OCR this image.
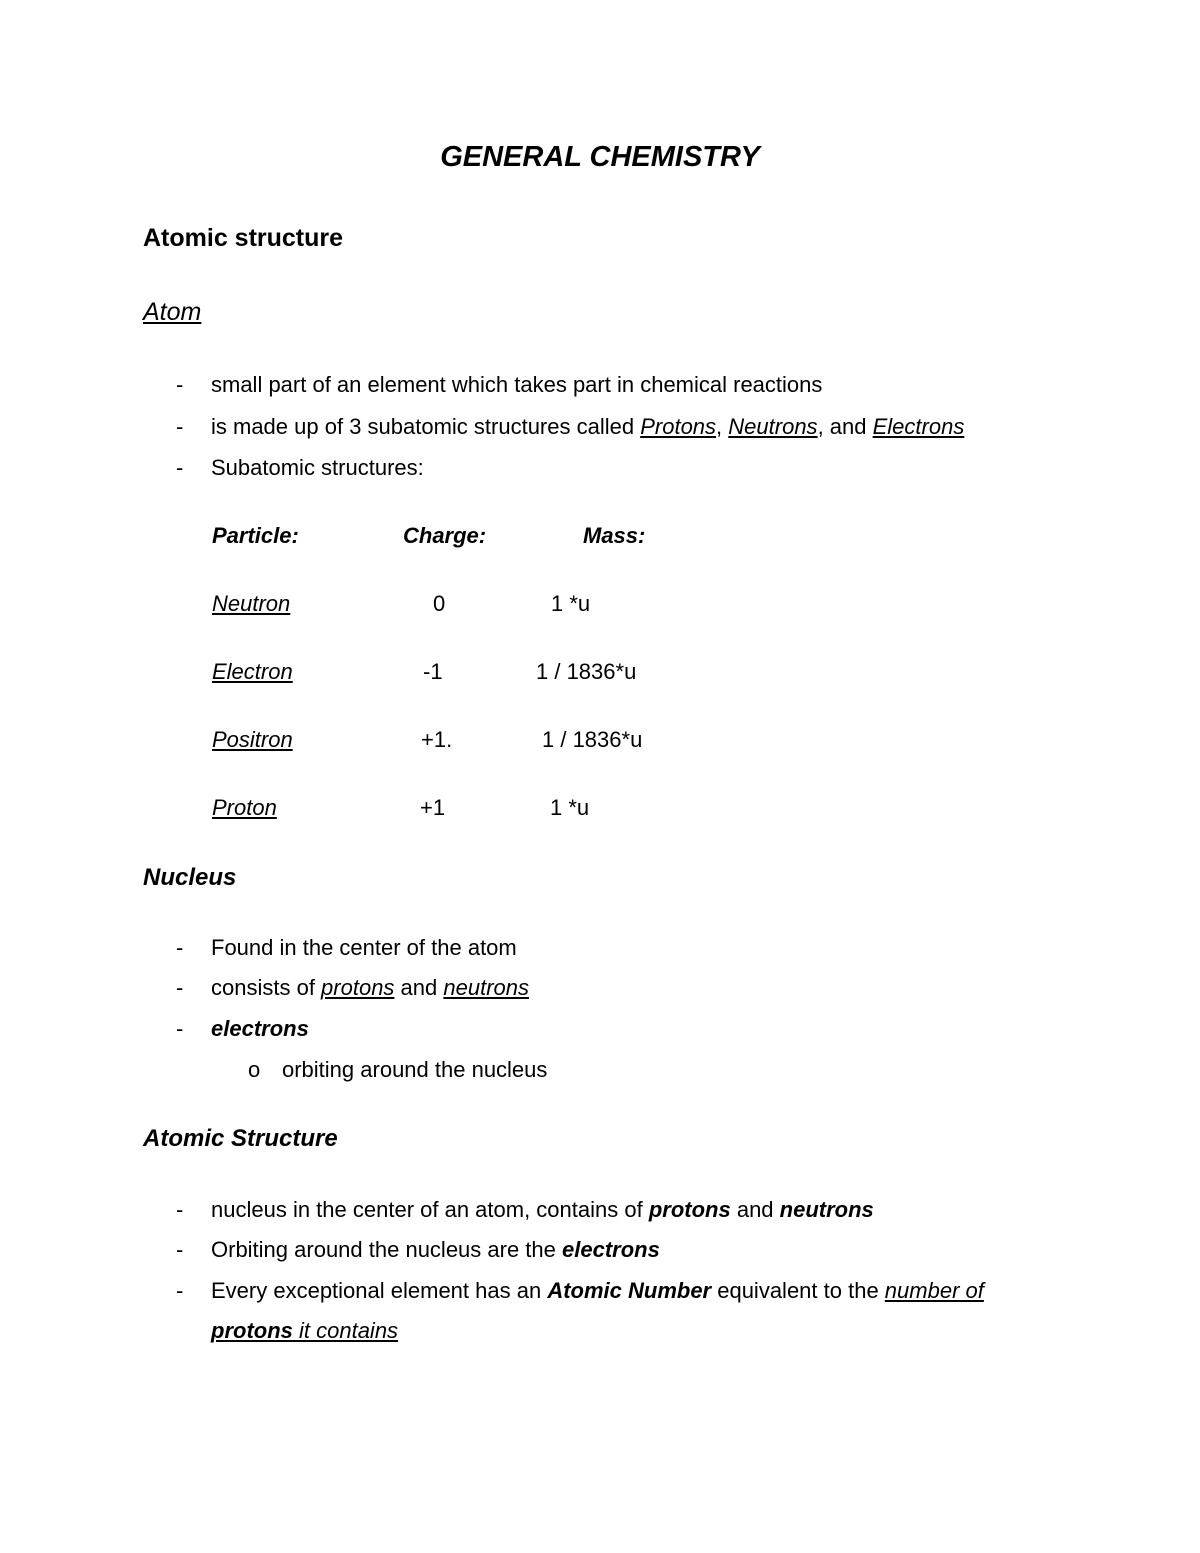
GENERAL CHEMISTRY
Atomic structure
Atom
- small part of an element which takes part in chemical reactions
- is made up of 3 subatomic structures called Protons, Neutrons, and Electrons
- Subatomic structures:
Particle:	Charge:	Mass:
Neutron	0	1 *u
Electron	-1	1 / 1836*u
Positron	+1.	1 / 1836*u
Proton	+1	1 *u
Nucleus
- Found in the center of the atom
- consists of protons and neutrons
- electrons
o orbiting around the nucleus
Atomic Structure
- nucleus in the center of an atom, contains of protons and neutrons
- Orbiting around the nucleus are the electrons
- Every exceptional element has an Atomic Number equivalent to the number of
protons it contains
